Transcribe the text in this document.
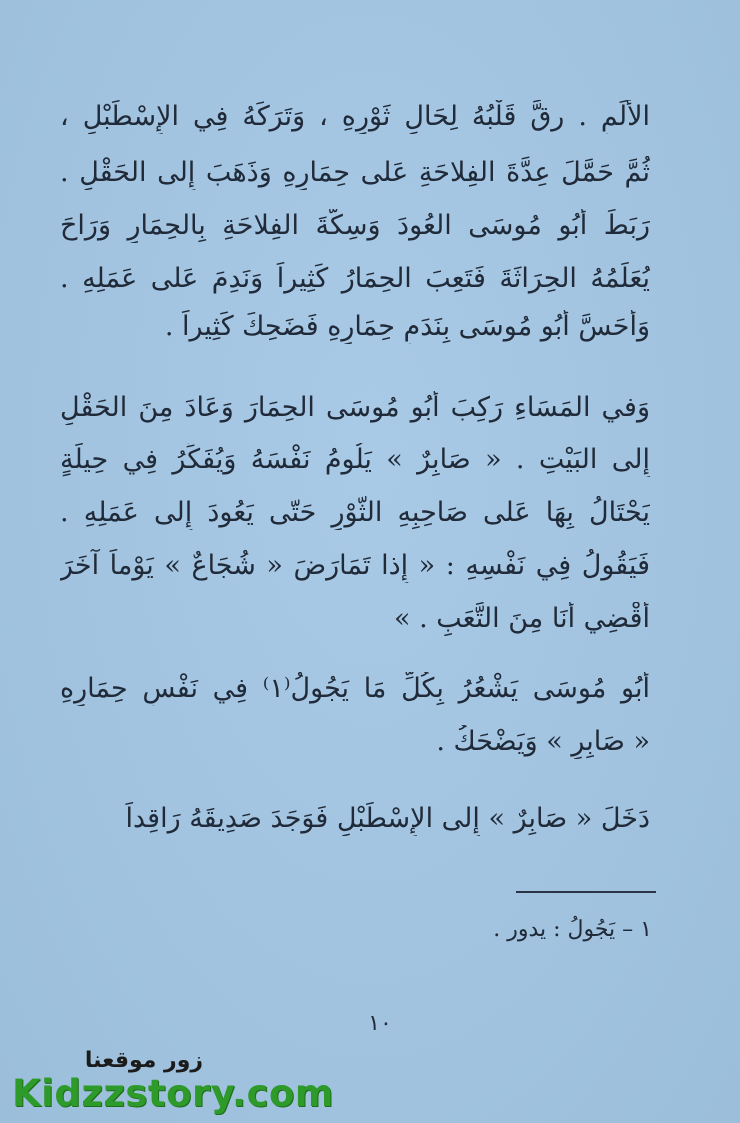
الأَلَمِ . رقَّ قَلْبُهُ لِحَالِ ثَوْرِهِ ، وَتَرَكَهُ فِي الإِسْطَبْلِ ،
ثُمَّ حَمَّلَ عِدَّةَ الفِلاحَةِ عَلى حِمَارِهِ وَذَهَبَ إِلى الحَقْلِ .
رَبَطَ أَبُو مُوسَى العُودَ وَسِكَّةَ الفِلاحَةِ بِالحِمَارِ وَرَاحَ
يُعَلِّمُهُ الحِرَاثَةَ فَتَعِبَ الحِمَارُ كَثِيراً وَنَدِمَ عَلى عَمَلِهِ .
وَأَحَسَّ أَبُو مُوسَى بِنَدَمِ حِمَارِهِ فَضَحِكَ كَثِيراً .
وَفي المَسَاءِ رَكِبَ أَبُو مُوسَى الحِمَارَ وَعَادَ مِنَ الحَقْلِ
إِلى البَيْتِ . « صَابِرٌ » يَلُومُ نَفْسَهُ وَيُفَكِّرُ فِي حِيلَةٍ
يَحْتَالُ بِهَا عَلى صَاحِبِهِ الثَّوْرِ حَتّى يَعُودَ إِلى عَمَلِهِ .
فَيَقُولُ فِي نَفْسِهِ : « إِذا تَمَارَضَ « شُجَاعٌ » يَوْماً آخَرَ
أَقْضِي أَنَا مِنَ التَّعَبِ . »
أَبُو مُوسَى يَشْعُرُ بِكُلِّ مَا يَجُولُ⁽١⁾ فِي نَفْسِ حِمَارِهِ
« صَابِرٍ » وَيَضْحَكُ .
دَخَلَ « صَابِرٌ » إِلى الإِسْطَبْلِ فَوَجَدَ صَدِيقَهُ رَاقِداً
١ – يَجُولُ : يدور .
١٠
زور موقعنا
Kidzzstory.com
